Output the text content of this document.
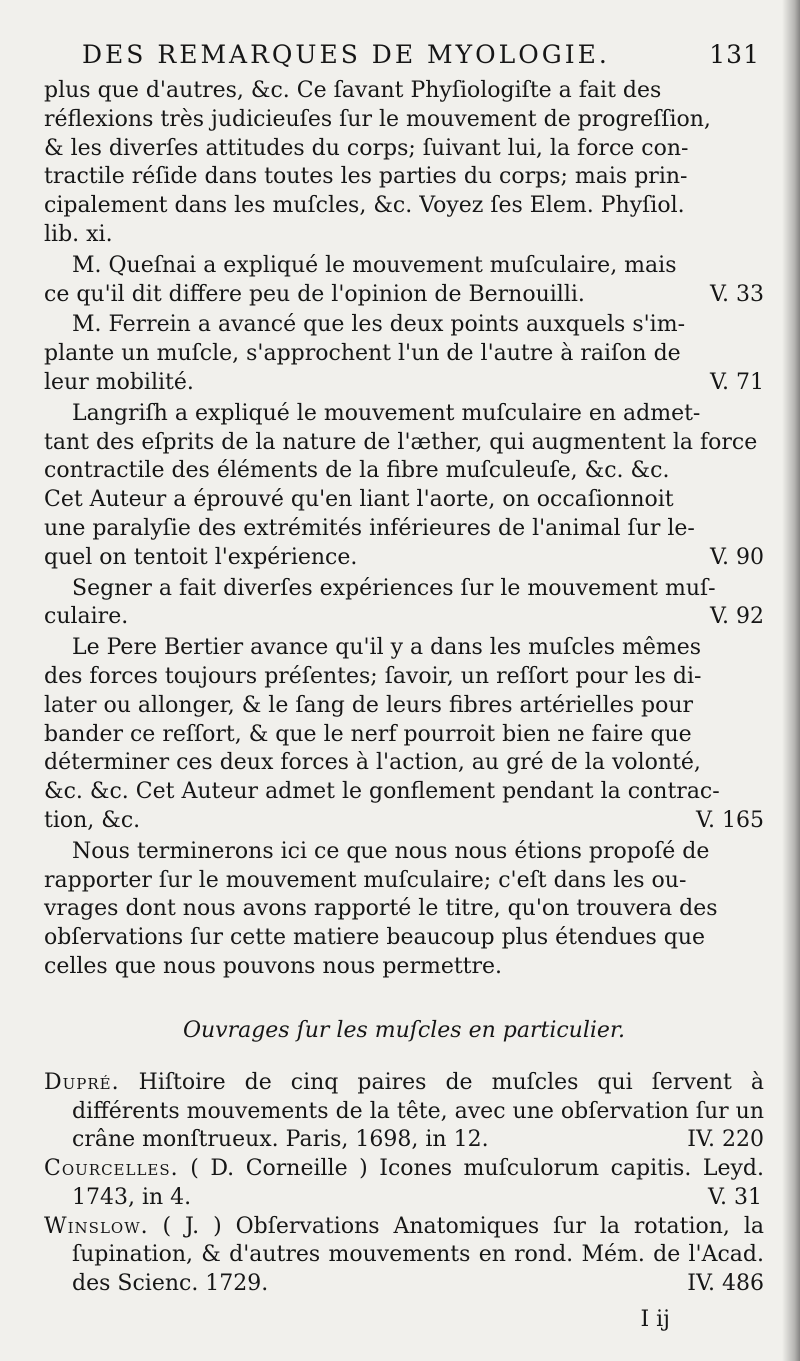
DES REMARQUES DE MYOLOGIE.	131

plus que d'autres, &c. Ce ſavant Phyſiologiſte a fait des

réflexions très judicieuſes ſur le mouvement de progreſſion,

& les diverſes attitudes du corps; ſuivant lui, la force con-

tractile réſide dans toutes les parties du corps; mais prin-

cipalement dans les muſcles, &c. Voyez ſes Elem. Phyſiol.

lib. xi.

M. Queſnai a expliqué le mouvement muſculaire, mais

ce qu'il dit differe peu de l'opinion de Bernouilli.	V. 33

M. Ferrein a avancé que les deux points auxquels s'im-

plante un muſcle, s'approchent l'un de l'autre à raiſon de

leur mobilité.	V. 71

Langriſh a expliqué le mouvement muſculaire en admet-

tant des eſprits de la nature de l'æther, qui augmentent la force

contractile des éléments de la fibre muſculeuſe, &c. &c.

Cet Auteur a éprouvé qu'en liant l'aorte, on occaſionnoit

une paralyſie des extrémités inférieures de l'animal ſur le-

quel on tentoit l'expérience.	V. 90

Segner a fait diverſes expériences ſur le mouvement muſ-

culaire.	V. 92

Le Pere Bertier avance qu'il y a dans les muſcles mêmes

des forces toujours préſentes; ſavoir, un reſſort pour les di-

later ou allonger, & le ſang de leurs fibres artérielles pour

bander ce reſſort, & que le nerf pourroit bien ne faire que

déterminer ces deux forces à l'action, au gré de la volonté,

&c. &c. Cet Auteur admet le gonflement pendant la contrac-

tion, &c.	V. 165

Nous terminerons ici ce que nous nous étions propoſé de

rapporter ſur le mouvement muſculaire; c'eſt dans les ou-

vrages dont nous avons rapporté le titre, qu'on trouvera des

obſervations ſur cette matiere beaucoup plus étendues que

celles que nous pouvons nous permettre.

Ouvrages ſur les muſcles en particulier.
Dupré. Hiſtoire de cinq paires de muſcles qui ſervent à différents mouvements de la tête, avec une obſervation ſur un crâne monſtrueux. Paris, 1698, in 12.	IV. 220
Courcelles. ( D. Corneille ) Icones muſculorum capitis. Leyd. 1743, in 4.	V. 31
Winslow. ( J. ) Obſervations Anatomiques ſur la rotation, la ſupination, & d'autres mouvements en rond. Mém. de l'Acad. des Scienc. 1729.	IV. 486
I ij
